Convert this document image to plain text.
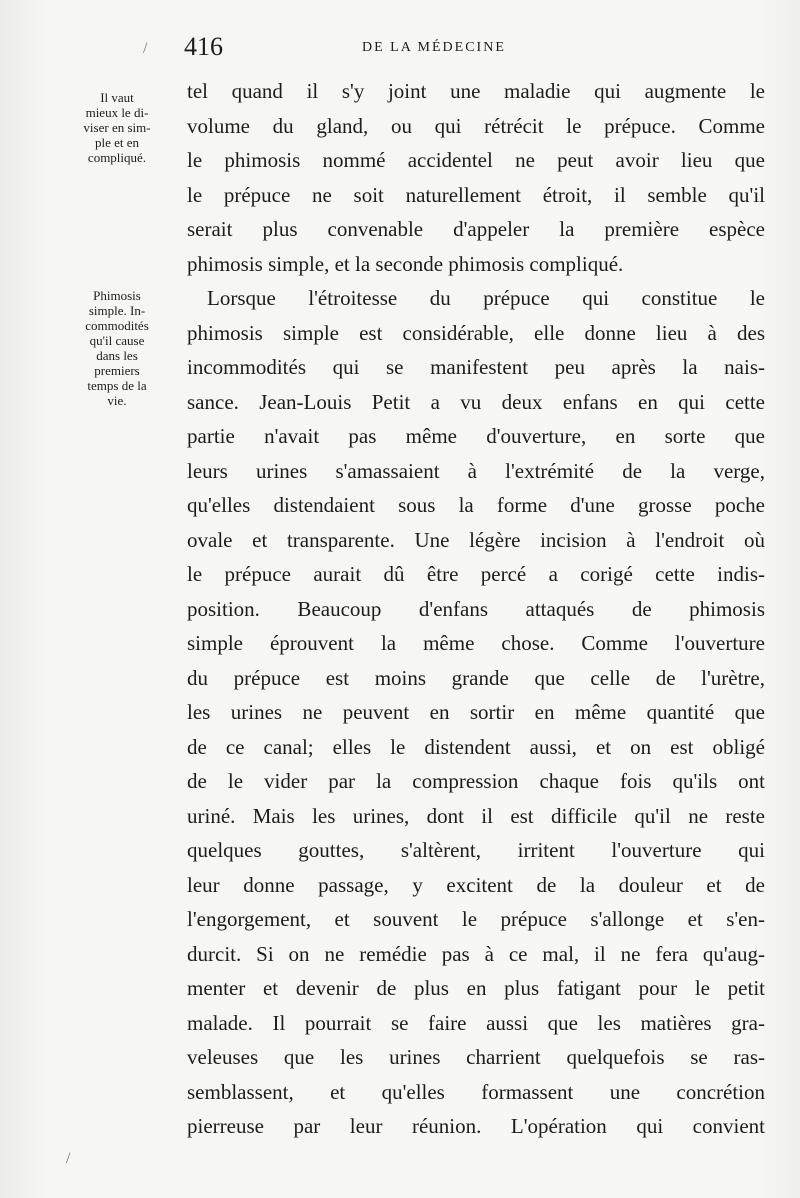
/
/
416	DE LA MÉDECINE
Il vaut
mieux le di-
viser en sim-
ple et en
compliqué.
Phimosis
simple. In-
commodités
qu'il cause
dans les
premiers
temps de la
vie.
tel quand il s'y joint une maladie qui augmente le
volume du gland, ou qui rétrécit le prépuce. Comme
le phimosis nommé accidentel ne peut avoir lieu que
le prépuce ne soit naturellement étroit, il semble qu'il
serait plus convenable d'appeler la première espèce
phimosis simple, et la seconde phimosis compliqué.
Lorsque l'étroitesse du prépuce qui constitue le
phimosis simple est considérable, elle donne lieu à des
incommodités qui se manifestent peu après la nais-
sance. Jean-Louis Petit a vu deux enfans en qui cette
partie n'avait pas même d'ouverture, en sorte que
leurs urines s'amassaient à l'extrémité de la verge,
qu'elles distendaient sous la forme d'une grosse poche
ovale et transparente. Une légère incision à l'endroit où
le prépuce aurait dû être percé a corigé cette indis-
position. Beaucoup d'enfans attaqués de phimosis
simple éprouvent la même chose. Comme l'ouverture
du prépuce est moins grande que celle de l'urètre,
les urines ne peuvent en sortir en même quantité que
de ce canal; elles le distendent aussi, et on est obligé
de le vider par la compression chaque fois qu'ils ont
uriné. Mais les urines, dont il est difficile qu'il ne reste
quelques gouttes, s'altèrent, irritent l'ouverture qui
leur donne passage, y excitent de la douleur et de
l'engorgement, et souvent le prépuce s'allonge et s'en-
durcit. Si on ne remédie pas à ce mal, il ne fera qu'aug-
menter et devenir de plus en plus fatigant pour le petit
malade. Il pourrait se faire aussi que les matières gra-
veleuses que les urines charrient quelquefois se ras-
semblassent, et qu'elles formassent une concrétion
pierreuse par leur réunion. L'opération qui convient
